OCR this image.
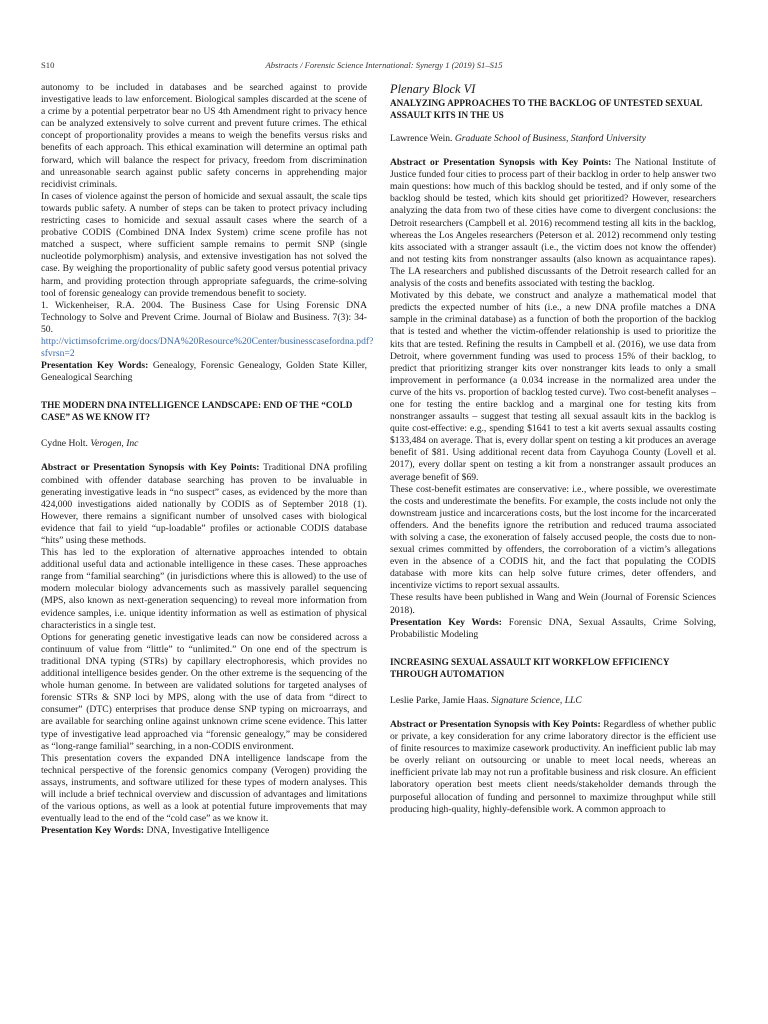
S10	Abstracts / Forensic Science International: Synergy 1 (2019) S1–S15

autonomy to be included in databases and be searched against to provide investigative leads to law enforcement. Biological samples discarded at the scene of a crime by a potential perpetrator bear no US 4th Amendment right to privacy hence can be analyzed extensively to solve current and prevent future crimes. The ethical concept of proportionality provides a means to weigh the benefits versus risks and benefits of each approach. This ethical examination will determine an optimal path forward, which will balance the respect for privacy, freedom from discrimination and unreasonable search against public safety concerns in apprehending major recidivist criminals.

In cases of violence against the person of homicide and sexual assault, the scale tips towards public safety. A number of steps can be taken to protect privacy including restricting cases to homicide and sexual assault cases where the search of a probative CODIS (Combined DNA Index System) crime scene profile has not matched a suspect, where sufficient sample remains to permit SNP (single nucleotide polymorphism) analysis, and extensive investigation has not solved the case. By weighing the proportionality of public safety good versus potential privacy harm, and providing protection through appropriate safeguards, the crime-solving tool of forensic genealogy can provide tremendous benefit to society.

1. Wickenheiser, R.A. 2004. The Business Case for Using Forensic DNA Technology to Solve and Prevent Crime. Journal of Biolaw and Business. 7(3): 34-50. http://victimsofcrime.org/docs/DNA%20Resource%20Center/businesscasefordna.pdf?sfvrsn=2

Presentation Key Words: Genealogy, Forensic Genealogy, Golden State Killer, Genealogical Searching

THE MODERN DNA INTELLIGENCE LANDSCAPE: END OF THE “COLD CASE” AS WE KNOW IT?

Cydne Holt. Verogen, Inc

Abstract or Presentation Synopsis with Key Points: Traditional DNA profiling combined with offender database searching has proven to be invaluable in generating investigative leads in “no suspect” cases, as evidenced by the more than 424,000 investigations aided nationally by CODIS as of September 2018 (1). However, there remains a significant number of unsolved cases with biological evidence that fail to yield “up-loadable” profiles or actionable CODIS database “hits” using these methods.

This has led to the exploration of alternative approaches intended to obtain additional useful data and actionable intelligence in these cases. These approaches range from “familial searching” (in jurisdictions where this is allowed) to the use of modern molecular biology advancements such as massively parallel sequencing (MPS, also known as next-generation sequencing) to reveal more information from evidence samples, i.e. unique identity information as well as estimation of physical characteristics in a single test.

Options for generating genetic investigative leads can now be considered across a continuum of value from “little” to “unlimited.” On one end of the spectrum is traditional DNA typing (STRs) by capillary electrophoresis, which provides no additional intelligence besides gender. On the other extreme is the sequencing of the whole human genome. In between are validated solutions for targeted analyses of forensic STRs & SNP loci by MPS, along with the use of data from “direct to consumer” (DTC) enterprises that produce dense SNP typing on microarrays, and are available for searching online against unknown crime scene evidence. This latter type of investigative lead approached via “forensic genealogy,” may be considered as “long-range familial” searching, in a non-CODIS environment.

This presentation covers the expanded DNA intelligence landscape from the technical perspective of the forensic genomics company (Verogen) providing the assays, instruments, and software utilized for these types of modern analyses. This will include a brief technical overview and discussion of advantages and limitations of the various options, as well as a look at potential future improvements that may eventually lead to the end of the “cold case” as we know it.

Presentation Key Words: DNA, Investigative Intelligence

Plenary Block VI

ANALYZING APPROACHES TO THE BACKLOG OF UNTESTED SEXUAL ASSAULT KITS IN THE US

Lawrence Wein. Graduate School of Business, Stanford University

Abstract or Presentation Synopsis with Key Points: The National Institute of Justice funded four cities to process part of their backlog in order to help answer two main questions: how much of this backlog should be tested, and if only some of the backlog should be tested, which kits should get prioritized? However, researchers analyzing the data from two of these cities have come to divergent conclusions: the Detroit researchers (Campbell et al. 2016) recommend testing all kits in the backlog, whereas the Los Angeles researchers (Peterson et al. 2012) recommend only testing kits associated with a stranger assault (i.e., the victim does not know the offender) and not testing kits from nonstranger assaults (also known as acquaintance rapes). The LA researchers and published discussants of the Detroit research called for an analysis of the costs and benefits associated with testing the backlog.

Motivated by this debate, we construct and analyze a mathematical model that predicts the expected number of hits (i.e., a new DNA profile matches a DNA sample in the criminal database) as a function of both the proportion of the backlog that is tested and whether the victim-offender relationship is used to prioritize the kits that are tested. Refining the results in Campbell et al. (2016), we use data from Detroit, where government funding was used to process 15% of their backlog, to predict that prioritizing stranger kits over nonstranger kits leads to only a small improvement in performance (a 0.034 increase in the normalized area under the curve of the hits vs. proportion of backlog tested curve). Two cost-benefit analyses – one for testing the entire backlog and a marginal one for testing kits from nonstranger assaults – suggest that testing all sexual assault kits in the backlog is quite cost-effective: e.g., spending $1641 to test a kit averts sexual assaults costing $133,484 on average. That is, every dollar spent on testing a kit produces an average benefit of $81. Using additional recent data from Cayuhoga County (Lovell et al. 2017), every dollar spent on testing a kit from a nonstranger assault produces an average benefit of $69.

These cost-benefit estimates are conservative: i.e., where possible, we overestimate the costs and underestimate the benefits. For example, the costs include not only the downstream justice and incarcerations costs, but the lost income for the incarcerated offenders. And the benefits ignore the retribution and reduced trauma associated with solving a case, the exoneration of falsely accused people, the costs due to non-sexual crimes committed by offenders, the corroboration of a victim’s allegations even in the absence of a CODIS hit, and the fact that populating the CODIS database with more kits can help solve future crimes, deter offenders, and incentivize victims to report sexual assaults.

These results have been published in Wang and Wein (Journal of Forensic Sciences 2018).

Presentation Key Words: Forensic DNA, Sexual Assaults, Crime Solving, Probabilistic Modeling

INCREASING SEXUAL ASSAULT KIT WORKFLOW EFFICIENCY THROUGH AUTOMATION

Leslie Parke, Jamie Haas. Signature Science, LLC

Abstract or Presentation Synopsis with Key Points: Regardless of whether public or private, a key consideration for any crime laboratory director is the efficient use of finite resources to maximize casework productivity. An inefficient public lab may be overly reliant on outsourcing or unable to meet local needs, whereas an inefficient private lab may not run a profitable business and risk closure. An efficient laboratory operation best meets client needs/stakeholder demands through the purposeful allocation of funding and personnel to maximize throughput while still producing high-quality, highly-defensible work. A common approach to
